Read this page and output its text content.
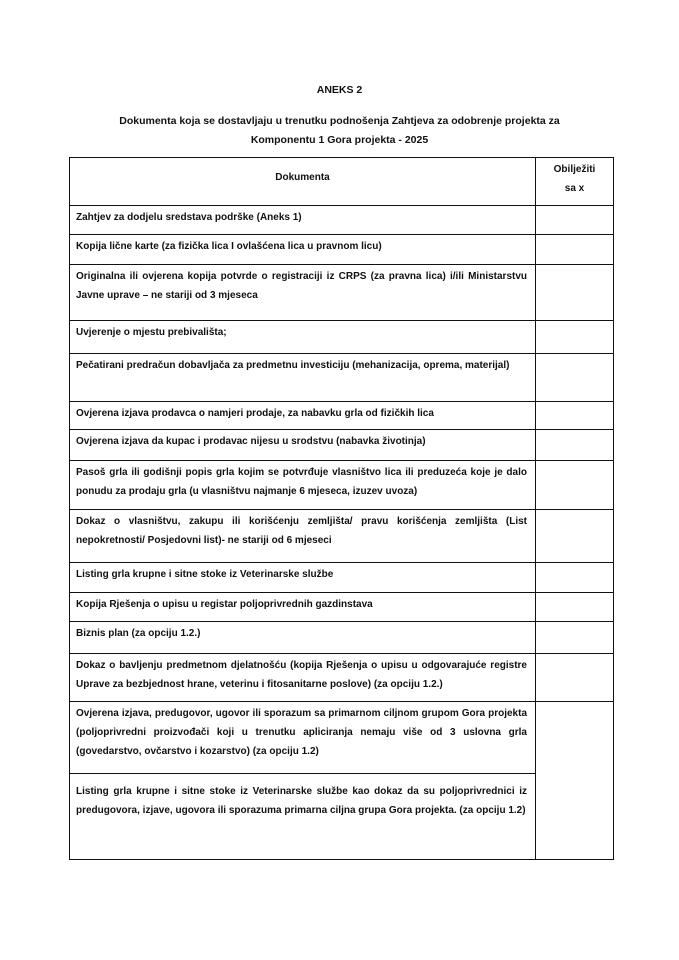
ANEKS 2
Dokumenta koja se dostavljaju u trenutku podnošenja Zahtjeva za odobrenje projekta za
Komponentu 1 Gora projekta - 2025
Dokumenta	Obilježiti
sa x

Zahtjev za dodjelu sredstava podrške (Aneks 1)	
Kopija lične karte (za fizička lica I ovlašćena lica u pravnom licu)	
Originalna ili ovjerena kopija potvrde o registraciji iz CRPS (za pravna lica) i/ili Ministarstvu Javne uprave – ne stariji od 3 mjeseca	
Uvjerenje o mjestu prebivališta;	
Pečatirani predračun dobavljača za predmetnu investiciju (mehanizacija, oprema, materijal)	
Ovjerena izjava prodavca o namjeri prodaje, za nabavku grla od fizičkih lica	
Ovjerena izjava da kupac i prodavac nijesu u srodstvu (nabavka životinja)	
Pasoš grla ili godišnji popis grla kojim se potvrđuje vlasništvo lica ili preduzeća koje je dalo ponudu za prodaju grla (u vlasništvu najmanje 6 mjeseca, izuzev uvoza)	
Dokaz o vlasništvu, zakupu ili korišćenju zemljišta/ pravu korišćenja zemljišta (List nepokretnosti/ Posjedovni list)- ne stariji od 6 mjeseci	
Listing grla krupne i sitne stoke iz Veterinarske službe	
Kopija Rješenja o upisu u registar poljoprivrednih gazdinstava	
Biznis plan (za opciju 1.2.)	
Dokaz o bavljenju predmetnom djelatnošću (kopija Rješenja o upisu u odgovarajuće registre Uprave za bezbjednost hrane, veterinu i fitosanitarne poslove) (za opciju 1.2.)	
Ovjerena izjava, predugovor, ugovor ili sporazum sa primarnom ciljnom grupom Gora projekta (poljoprivredni proizvođači koji u trenutku apliciranja nemaju više od 3 uslovna grla (govedarstvo, ovčarstvo i kozarstvo) (za opciju 1.2)	
Listing grla krupne i sitne stoke iz Veterinarske službe kao dokaz da su poljoprivrednici iz predugovora, izjave, ugovora ili sporazuma primarna ciljna grupa Gora projekta. (za opciju 1.2)	
